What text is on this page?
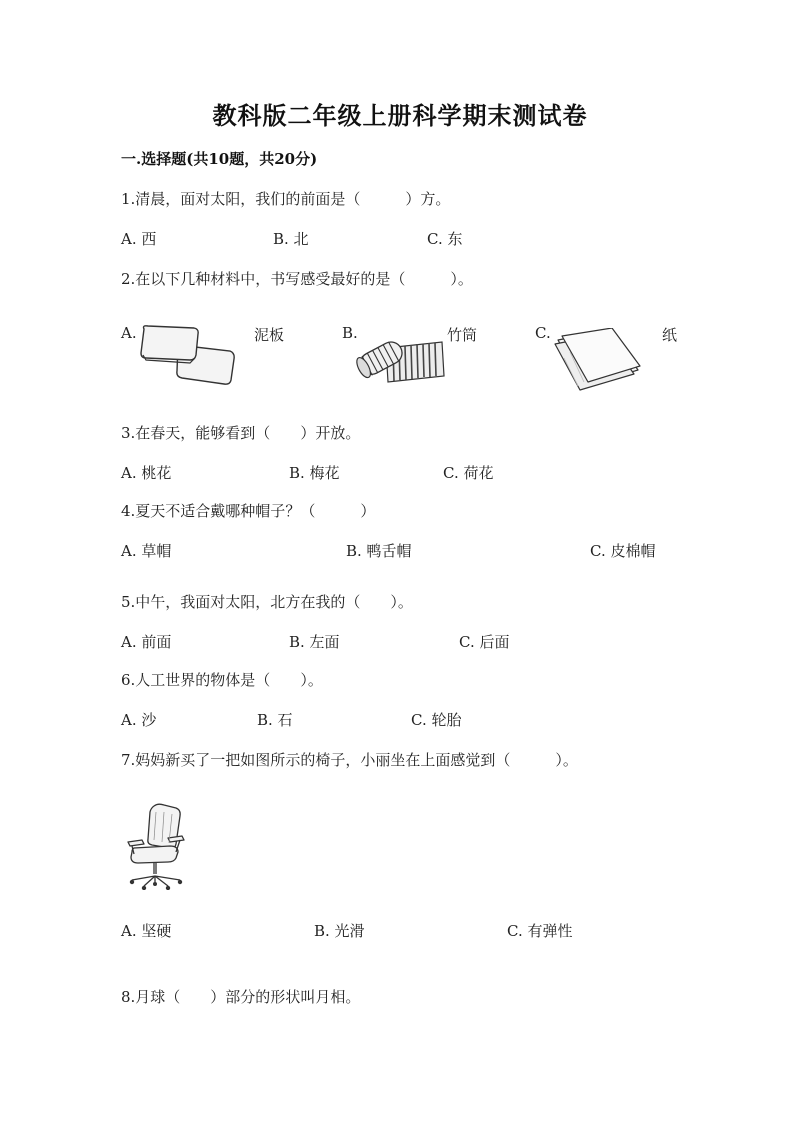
教科版二年级上册科学期末测试卷
一.选择题(共10题，共20分)
1.清晨，面对太阳，我们的前面是（　　　）方。
A. 西	B. 北	C. 东
2.在以下几种材料中，书写感受最好的是（　　　）。
A.	泥板	B.	竹筒	C.	纸
3.在春天，能够看到（　　）开放。
A. 桃花	B. 梅花	C. 荷花
4.夏天不适合戴哪种帽子？（　　　）
A. 草帽	B. 鸭舌帽	C. 皮棉帽
5.中午，我面对太阳，北方在我的（　　）。
A. 前面	B. 左面	C. 后面
6.人工世界的物体是（　　）。
A. 沙	B. 石	C. 轮胎
7.妈妈新买了一把如图所示的椅子，小丽坐在上面感觉到（　　　）。
A. 坚硬	B. 光滑	C. 有弹性
8.月球（　　）部分的形状叫月相。
